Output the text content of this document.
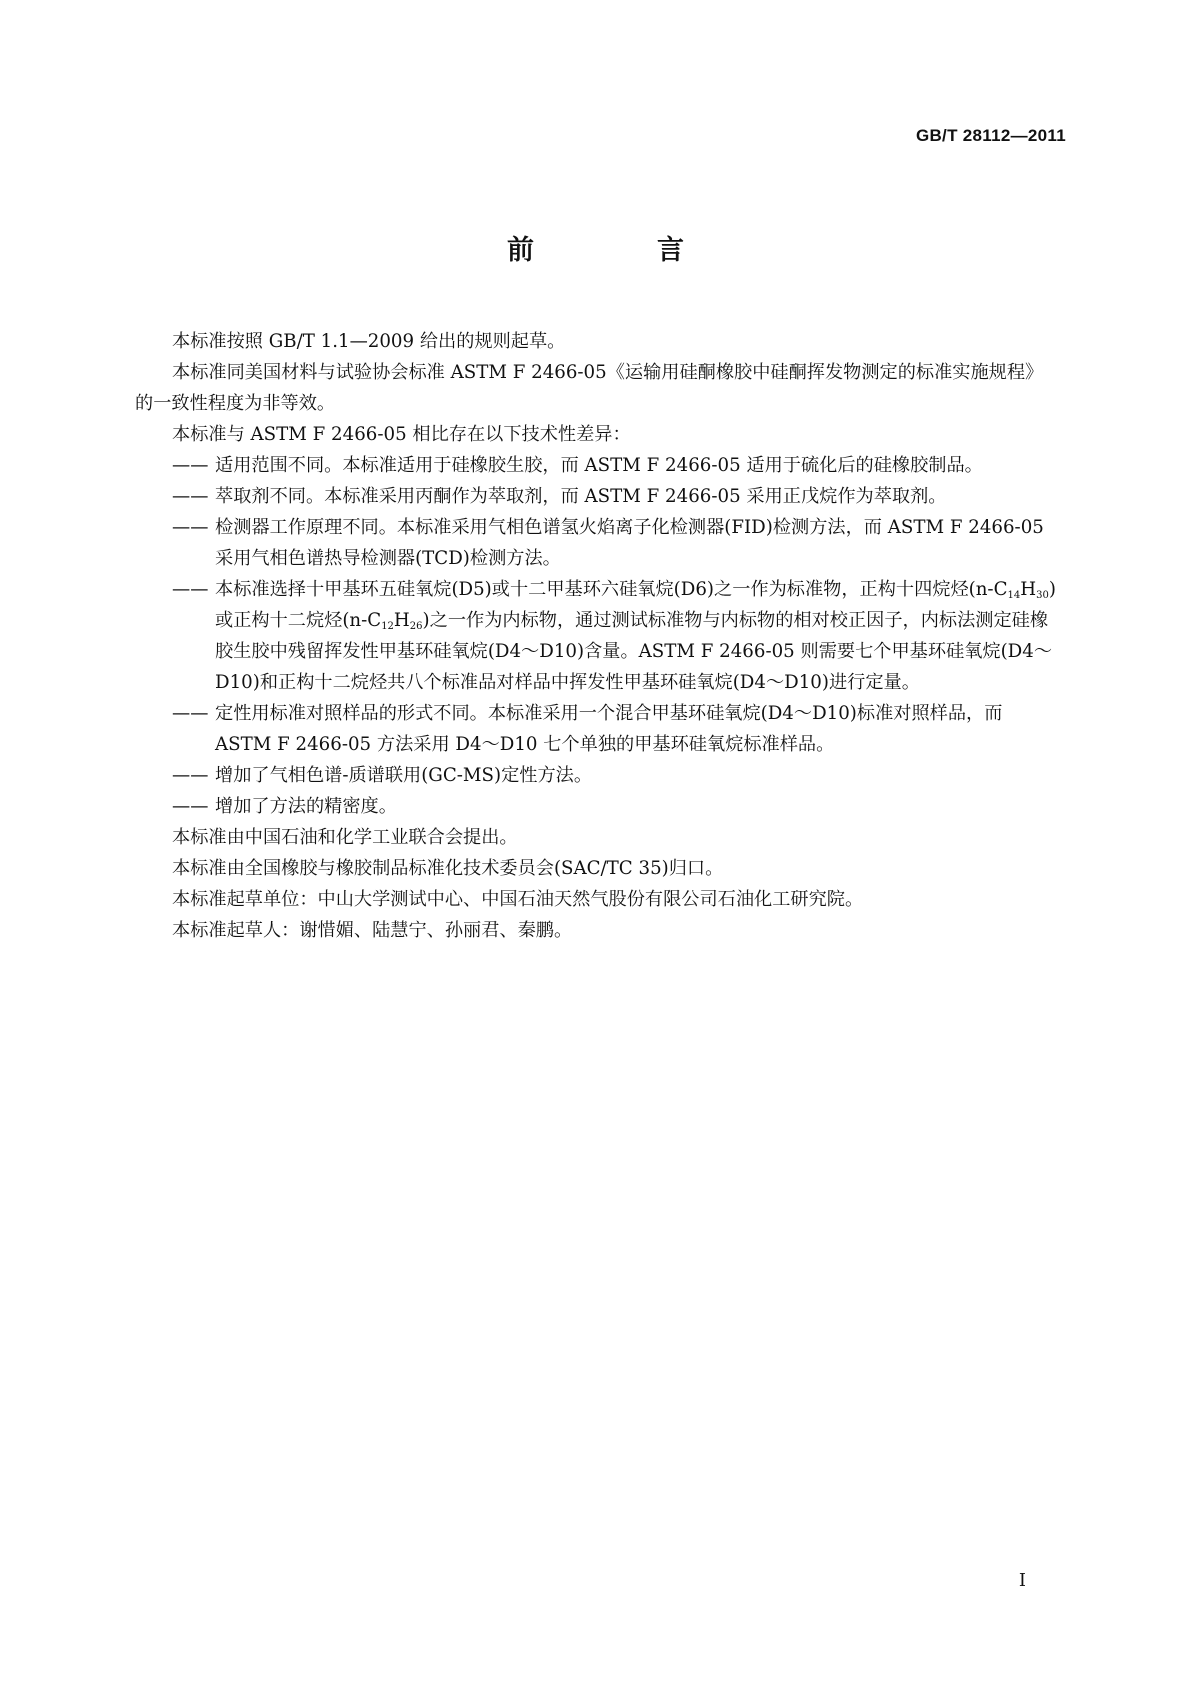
GB/T 28112—2011
前　言

本标准按照 GB/T 1.1—2009 给出的规则起草。

本标准同美国材料与试验协会标准 ASTM F 2466-05《运输用硅酮橡胶中硅酮挥发物测定的标准实施规程》的一致性程度为非等效。

本标准与 ASTM F 2466-05 相比存在以下技术性差异：

—— 适用范围不同。本标准适用于硅橡胶生胶，而 ASTM F 2466-05 适用于硫化后的硅橡胶制品。

—— 萃取剂不同。本标准采用丙酮作为萃取剂，而 ASTM F 2466-05 采用正戊烷作为萃取剂。

—— 检测器工作原理不同。本标准采用气相色谱氢火焰离子化检测器(FID)检测方法，而 ASTM F 2466-05 采用气相色谱热导检测器(TCD)检测方法。

—— 本标准选择十甲基环五硅氧烷(D5)或十二甲基环六硅氧烷(D6)之一作为标准物，正构十四烷烃$(n-C_{14}H_{30})$或正构十二烷烃$(n-C_{12}H_{26})$之一作为内标物，通过测试标准物与内标物的相对校正因子，内标法测定硅橡胶生胶中残留挥发性甲基环硅氧烷(D4～D10)含量。ASTM F 2466-05 则需要七个甲基环硅氧烷(D4～D10)和正构十二烷烃共八个标准品对样品中挥发性甲基环硅氧烷(D4～D10)进行定量。

—— 定性用标准对照样品的形式不同。本标准采用一个混合甲基环硅氧烷(D4～D10)标准对照样品，而 ASTM F 2466-05 方法采用 D4～D10 七个单独的甲基环硅氧烷标准样品。

—— 增加了气相色谱-质谱联用(GC-MS)定性方法。

—— 增加了方法的精密度。

本标准由中国石油和化学工业联合会提出。

本标准由全国橡胶与橡胶制品标准化技术委员会(SAC/TC 35)归口。

本标准起草单位：中山大学测试中心、中国石油天然气股份有限公司石油化工研究院。

本标准起草人：谢惜媚、陆慧宁、孙丽君、秦鹏。

I
